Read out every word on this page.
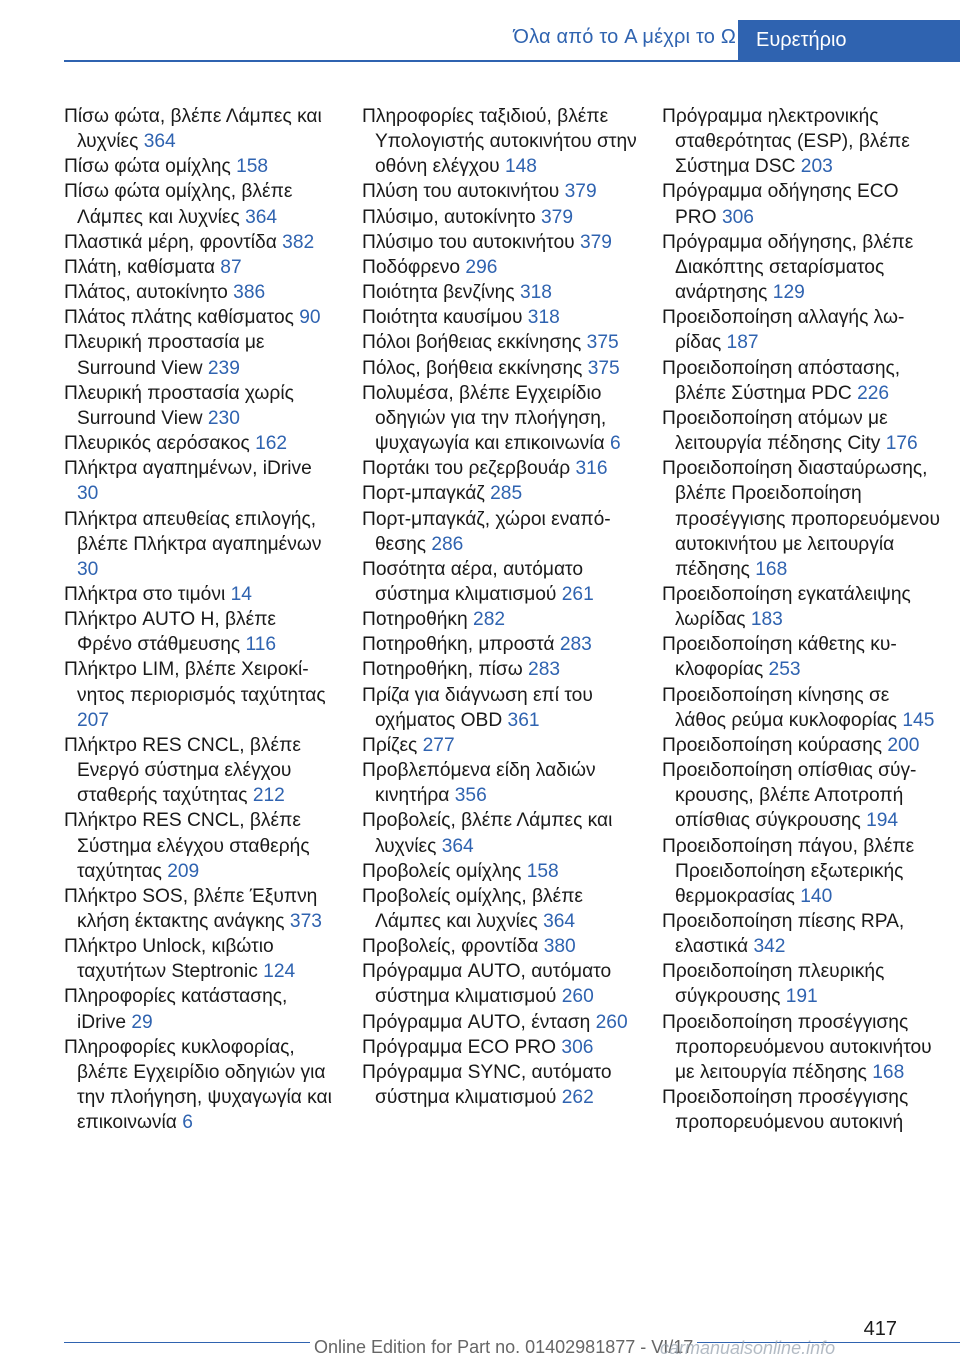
Όλα από το A μέχρι το Ω	Ευρετήριο

Πίσω φώτα, βλέπε Λάμπες και λυχνίες 364

Πίσω φώτα ομίχλης 158

Πίσω φώτα ομίχλης, βλέπε Λάμπες και λυχνίες 364

Πλαστικά μέρη, φροντίδα 382

Πλάτη, καθίσματα 87

Πλάτος, αυτοκίνητο 386

Πλάτος πλάτης καθίσματος 90

Πλευρική προστασία με Surround View 239

Πλευρική προστασία χωρίς Surround View 230

Πλευρικός αερόσακος 162

Πλήκτρα αγαπημένων, iDrive 30

Πλήκτρα απευθείας επιλογής, βλέπε Πλήκτρα αγαπημένων 30

Πλήκτρα στο τιμόνι 14

Πλήκτρο AUTO H, βλέπε Φρένο στάθμευσης 116

Πλήκτρο LIM, βλέπε Χειροκίνητος περιορισμός ταχύτητας 207

Πλήκτρο RES CNCL, βλέπε Ενεργό σύστημα ελέγχου σταθερής ταχύτητας 212

Πλήκτρο RES CNCL, βλέπε Σύστημα ελέγχου σταθερής ταχύτητας 209

Πλήκτρο SOS, βλέπε Έξυπνη κλήση έκτακτης ανάγκης 373

Πλήκτρο Unlock, κιβώτιο ταχυτήτων Steptronic 124

Πληροφορίες κατάστασης, iDrive 29

Πληροφορίες κυκλοφορίας, βλέπε Εγχειρίδιο οδηγιών για την πλοήγηση, ψυχαγωγία και επικοινωνία 6

Πληροφορίες ταξιδιού, βλέπε Υπολογιστής αυτοκινήτου στην οθόνη ελέγχου 148

Πλύση του αυτοκινήτου 379

Πλύσιμο, αυτοκίνητο 379

Πλύσιμο του αυτοκινήτου 379

Ποδόφρενο 296

Ποιότητα βενζίνης 318

Ποιότητα καυσίμου 318

Πόλοι βοήθειας εκκίνησης 375

Πόλος, βοήθεια εκκίνησης 375

Πολυμέσα, βλέπε Εγχειρίδιο οδηγιών για την πλοήγηση, ψυχαγωγία και επικοινωνία 6

Πορτάκι του ρεζερβουάρ 316

Πορτ-μπαγκάζ 285

Πορτ-μπαγκάζ, χώροι εναπόθεσης 286

Ποσότητα αέρα, αυτόματο σύστημα κλιματισμού 261

Ποτηροθήκη 282

Ποτηροθήκη, μπροστά 283

Ποτηροθήκη, πίσω 283

Πρίζα για διάγνωση επί του οχήματος OBD 361

Πρίζες 277

Προβλεπόμενα είδη λαδιών κινητήρα 356

Προβολείς, βλέπε Λάμπες και λυχνίες 364

Προβολείς ομίχλης 158

Προβολείς ομίχλης, βλέπε Λάμπες και λυχνίες 364

Προβολείς, φροντίδα 380

Πρόγραμμα AUTO, αυτόματο σύστημα κλιματισμού 260

Πρόγραμμα AUTO, ένταση 260

Πρόγραμμα ECO PRO 306

Πρόγραμμα SYNC, αυτόματο σύστημα κλιματισμού 262

Πρόγραμμα ηλεκτρονικής σταθερότητας (ESP), βλέπε Σύστημα DSC 203

Πρόγραμμα οδήγησης ECO PRO 306

Πρόγραμμα οδήγησης, βλέπε Διακόπτης σεταρίσματος ανάρτησης 129

Προειδοποίηση αλλαγής λωρίδας 187

Προειδοποίηση απόστασης, βλέπε Σύστημα PDC 226

Προειδοποίηση ατόμων με λειτουργία πέδησης City 176

Προειδοποίηση διασταύρωσης, βλέπε Προειδοποίηση προσέγγισης προπορευόμενου αυτοκινήτου με λειτουργία πέδησης 168

Προειδοποίηση εγκατάλειψης λωρίδας 183

Προειδοποίηση κάθετης κυκλοφορίας 253

Προειδοποίηση κίνησης σε λάθος ρεύμα κυκλοφορίας 145

Προειδοποίηση κούρασης 200

Προειδοποίηση οπίσθιας σύγκρουσης, βλέπε Αποτροπή οπίσθιας σύγκρουσης 194

Προειδοποίηση πάγου, βλέπε Προειδοποίηση εξωτερικής θερμοκρασίας 140

Προειδοποίηση πίεσης RPA, ελαστικά 342

Προειδοποίηση πλευρικής σύγκρουσης 191

Προειδοποίηση προσέγγισης προπορευόμενου αυτοκινήτου με λειτουργία πέδησης 168

Προειδοποίηση προσέγγισης προπορευόμενου αυτοκινή

417
Online Edition for Part no. 01402981877 - VI/17
carmanualsonline.info
